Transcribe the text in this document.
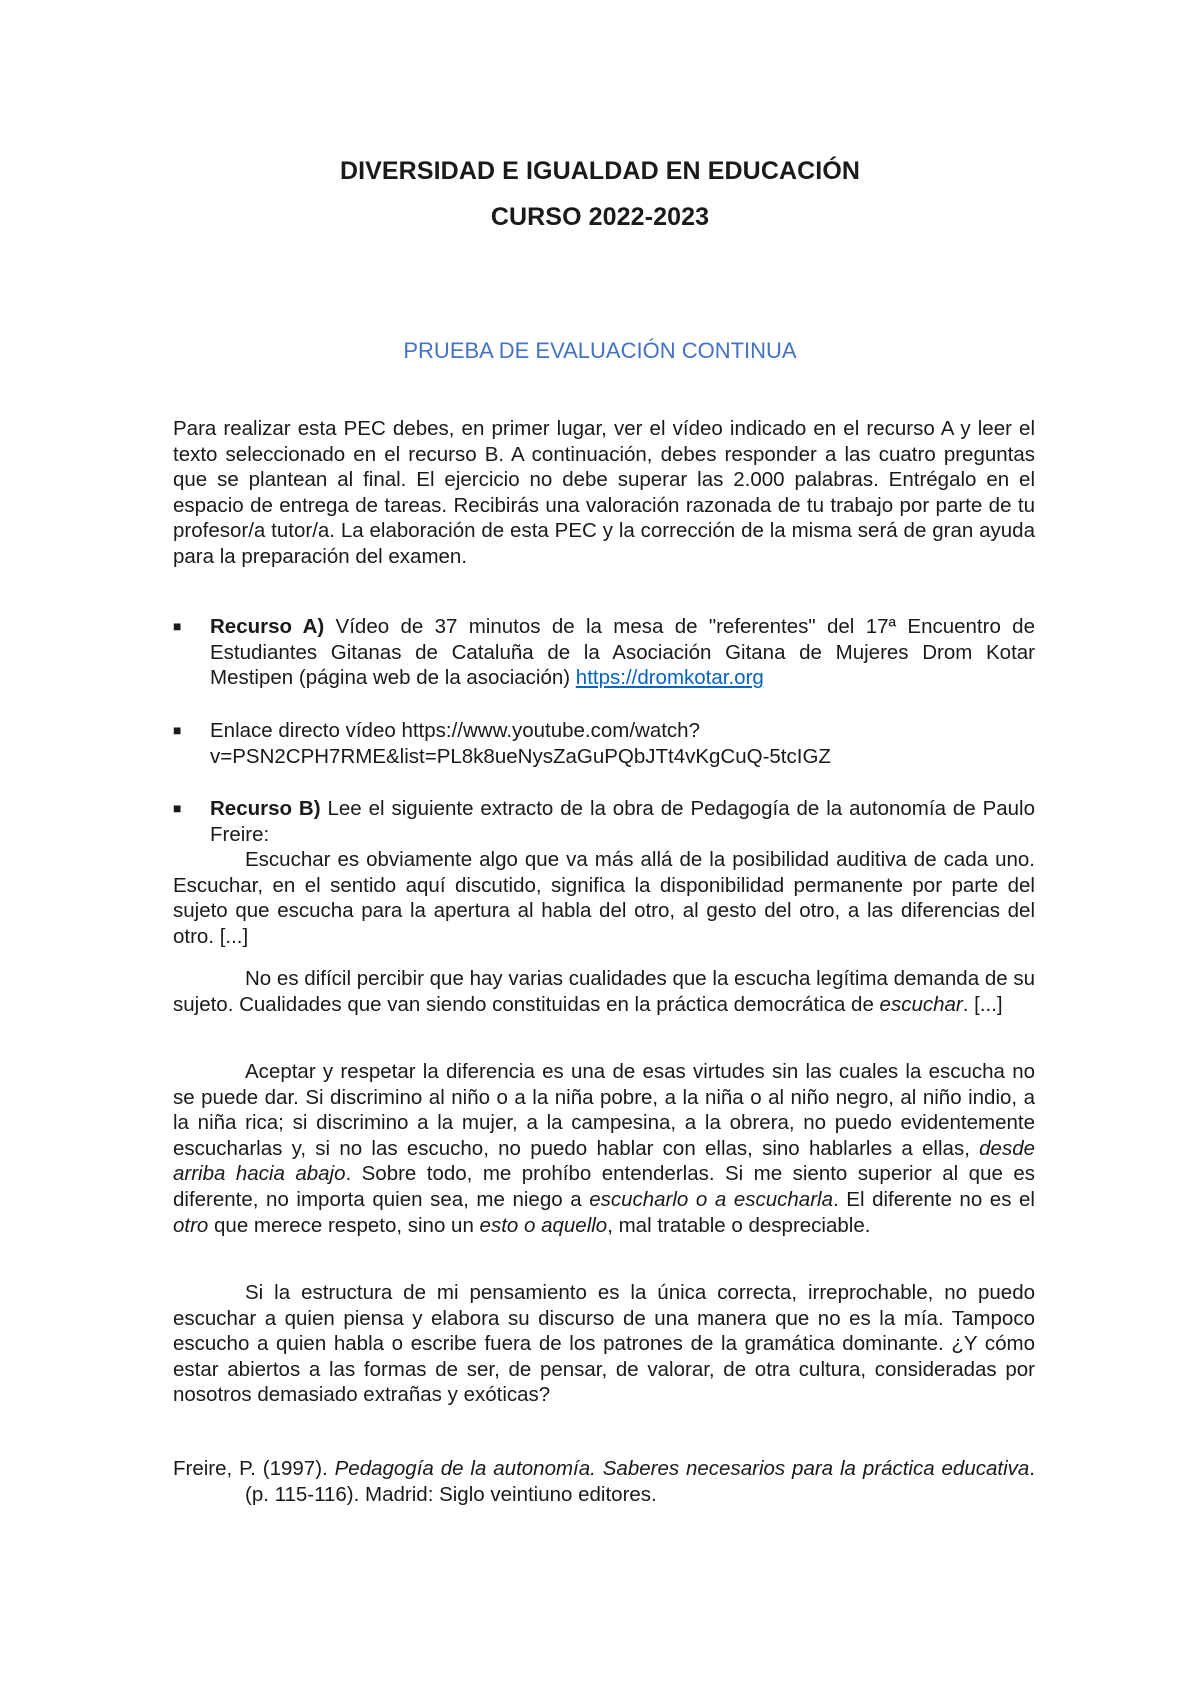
DIVERSIDAD E IGUALDAD EN EDUCACIÓN
CURSO 2022-2023
PRUEBA DE EVALUACIÓN CONTINUA
Para realizar esta PEC debes, en primer lugar, ver el vídeo indicado en el recurso A y leer el texto seleccionado en el recurso B. A continuación, debes responder a las cuatro preguntas que se plantean al final. El ejercicio no debe superar las 2.000 palabras. Entrégalo en el espacio de entrega de tareas. Recibirás una valoración razonada de tu trabajo por parte de tu profesor/a tutor/a. La elaboración de esta PEC y la corrección de la misma será de gran ayuda para la preparación del examen.
■ Recurso A) Vídeo de 37 minutos de la mesa de "referentes" del 17ª Encuentro de Estudiantes Gitanas de Cataluña de la Asociación Gitana de Mujeres Drom Kotar Mestipen (página web de la asociación) https://dromkotar.org
■ Enlace directo vídeo https://www.youtube.com/watch?v=PSN2CPH7RME&list=PL8k8ueNysZaGuPQbJTt4vKgCuQ-5tcIGZ
■ Recurso B) Lee el siguiente extracto de la obra de Pedagogía de la autonomía de Paulo Freire:

Escuchar es obviamente algo que va más allá de la posibilidad auditiva de cada uno. Escuchar, en el sentido aquí discutido, significa la disponibilidad permanente por parte del sujeto que escucha para la apertura al habla del otro, al gesto del otro, a las diferencias del otro. [...]

No es difícil percibir que hay varias cualidades que la escucha legítima demanda de su sujeto. Cualidades que van siendo constituidas en la práctica democrática de escuchar. [...]

Aceptar y respetar la diferencia es una de esas virtudes sin las cuales la escucha no se puede dar. Si discrimino al niño o a la niña pobre, a la niña o al niño negro, al niño indio, a la niña rica; si discrimino a la mujer, a la campesina, a la obrera, no puedo evidentemente escucharlas y, si no las escucho, no puedo hablar con ellas, sino hablarles a ellas, desde arriba hacia abajo. Sobre todo, me prohíbo entenderlas. Si me siento superior al que es diferente, no importa quien sea, me niego a escucharlo o a escucharla. El diferente no es el otro que merece respeto, sino un esto o aquello, mal tratable o despreciable.

Si la estructura de mi pensamiento es la única correcta, irreprochable, no puedo escuchar a quien piensa y elabora su discurso de una manera que no es la mía. Tampoco escucho a quien habla o escribe fuera de los patrones de la gramática dominante. ¿Y cómo estar abiertos a las formas de ser, de pensar, de valorar, de otra cultura, consideradas por nosotros demasiado extrañas y exóticas?

Freire, P. (1997). Pedagogía de la autonomía. Saberes necesarios para la práctica educativa. (p. 115-116). Madrid: Siglo veintiuno editores.
